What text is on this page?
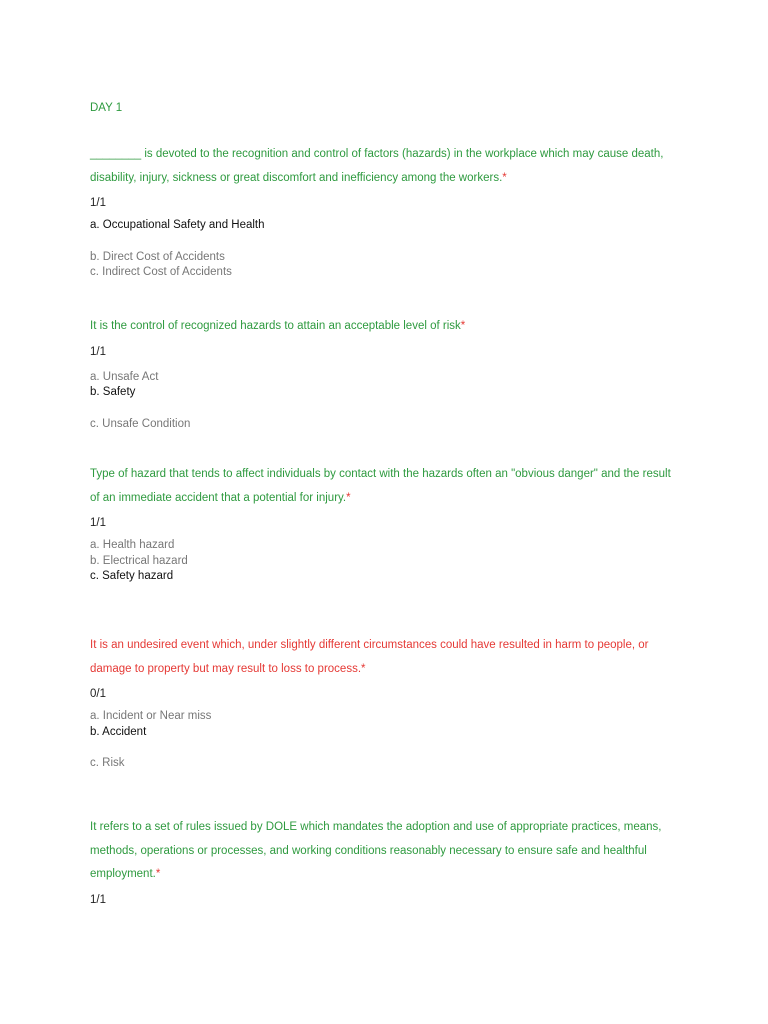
DAY 1

________ is devoted to the recognition and control of factors (hazards) in the workplace which may cause death, disability, injury, sickness or great discomfort and inefficiency among the workers.*

1/1
a. Occupational Safety and Health
b. Direct Cost of Accidents
c. Indirect Cost of Accidents

It is the control of recognized hazards to attain an acceptable level of risk*

1/1
a. Unsafe Act
b. Safety
c. Unsafe Condition

Type of hazard that tends to affect individuals by contact with the hazards often an "obvious danger" and the result of an immediate accident that a potential for injury.*

1/1
a. Health hazard
b. Electrical hazard
c. Safety hazard

It is an undesired event which, under slightly different circumstances could have resulted in harm to people, or damage to property but may result to loss to process.*

0/1
a. Incident or Near miss
b. Accident
c. Risk

It refers to a set of rules issued by DOLE which mandates the adoption and use of appropriate practices, means, methods, operations or processes, and working conditions reasonably necessary to ensure safe and healthful employment.*

1/1
